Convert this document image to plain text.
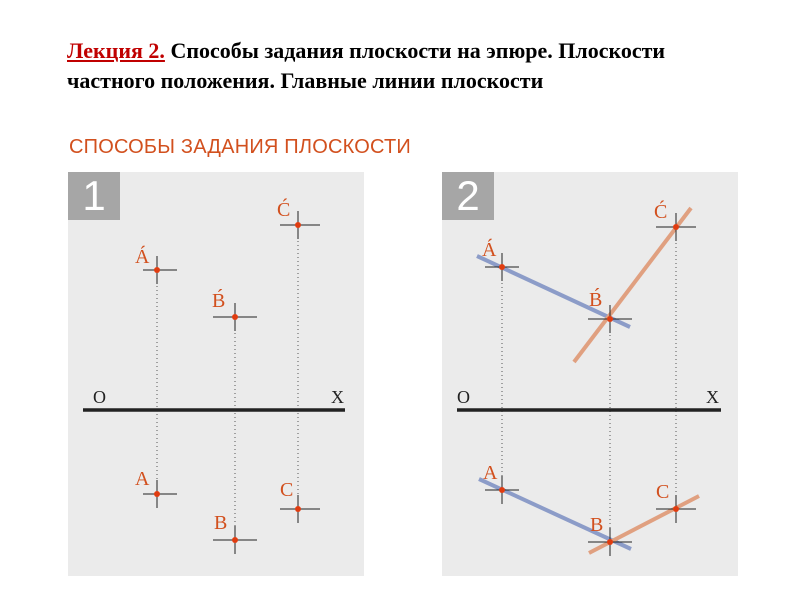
Лекция 2. Способы задания плоскости на эпюре. Плоскости частного положения. Главные линии плоскости
СПОСОБЫ ЗАДАНИЯ ПЛОСКОСТИ
O	X
Á
B́
Ć
A
B
C
1
O	X
Á
B́
Ć
A
B
C
2
